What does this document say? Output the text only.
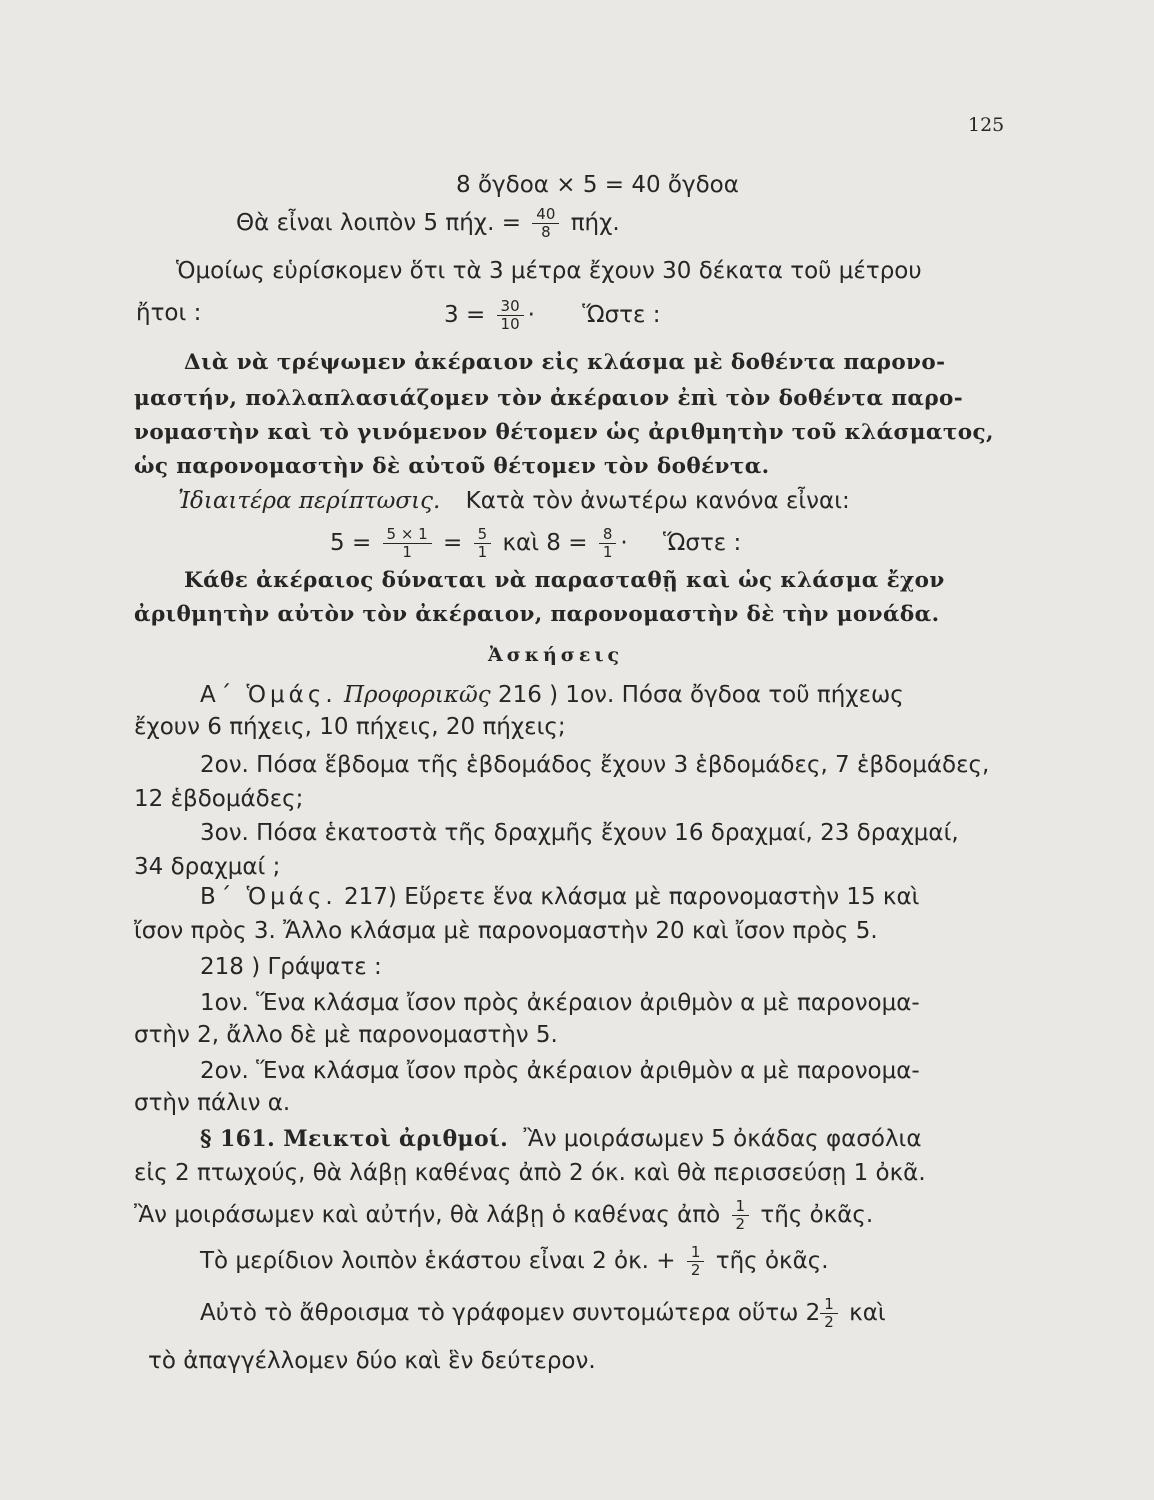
125
8 ὄγδοα × 5 = 40 ὄγδοα
Θὰ εἶναι λοιπὸν 5 πήχ. = $\frac{40}{8} \pi ή\chi$.
Ὁμοίως εὑρίσκομεν ὅτι τὰ 3 μέτρα ἔχουν 30 δέκατα τοῦ μέτρου
ἤτοι :	$3 = \frac{30}{10}$ · Ὥστε :
Διὰ νὰ τρέψωμεν ἀκέραιον εἰς κλάσμα μὲ δοθέντα παρονο-
μαστήν, πολλαπλασιάζομεν τὸν ἀκέραιον ἐπὶ τὸν δοθέντα παρο-
νομαστὴν καὶ τὸ γινόμενον θέτομεν ὡς ἀριθμητὴν τοῦ κλάσματος,
ὡς παρονομαστὴν δὲ αὐτοῦ θέτομεν τὸν δοθέντα.
Ἰδιαιτέρα περίπτωσις. Κατὰ τὸν ἀνωτέρω κανόνα εἶναι:
$5 = \frac{5 \times 1}{1} = \frac{5}{1}$ καὶ $8 = \frac{8}{1}$ · Ὥστε :
Κάθε ἀκέραιος δύναται νὰ παρασταθῇ καὶ ὡς κλάσμα ἔχον
ἀριθμητὴν αὐτὸν τὸν ἀκέραιον, παρονομαστὴν δὲ τὴν μονάδα.
Ἀσκήσεις
Α΄ Ὁμάς. Προφορικῶς 216 ) 1ον. Πόσα ὄγδοα τοῦ πήχεως
ἔχουν 6 πήχεις, 10 πήχεις, 20 πήχεις;
2ον. Πόσα ἕβδομα τῆς ἑβδομάδος ἔχουν 3 ἑβδομάδες, 7 ἑβδομάδες,
12 ἑβδομάδες;
3ον. Πόσα ἑκατοστὰ τῆς δραχμῆς ἔχουν 16 δραχμαί, 23 δραχμαί,
34 δραχμαί ;
Β΄ Ὁμάς. 217) Εὕρετε ἕνα κλάσμα μὲ παρονομαστὴν 15 καὶ
ἴσον πρὸς 3. Ἄλλο κλάσμα μὲ παρονομαστὴν 20 καὶ ἴσον πρὸς 5.
218 ) Γράψατε :
1ον. Ἕνα κλάσμα ἴσον πρὸς ἀκέραιον ἀριθμὸν α μὲ παρονομα-
στὴν 2, ἄλλο δὲ μὲ παρονομαστὴν 5.
2ον. Ἕνα κλάσμα ἴσον πρὸς ἀκέραιον ἀριθμὸν α μὲ παρονομα-
στὴν πάλιν α.
§ 161. Μεικτοὶ ἀριθμοί. Ἂν μοιράσωμεν 5 ὀκάδας φασόλια
εἰς 2 πτωχούς, θὰ λάβῃ καθένας ἀπὸ 2 όκ. καὶ θὰ περισσεύσῃ 1 ὀκᾶ.
Ἂν μοιράσωμεν καὶ αὐτήν, θὰ λάβῃ ὁ καθένας ἀπὸ $\frac{1}{2}$ τῆς ὀκᾶς.
Τὸ μερίδιον λοιπὸν ἑκάστου εἶναι 2 ὀκ. + $\frac{1}{2}$ τῆς ὀκᾶς.
Αὐτὸ τὸ ἄθροισμα τὸ γράφομεν συντομώτερα οὕτω $2 \frac{1}{2}$ καὶ
τὸ ἀπαγγέλλομεν δύο καὶ ἓν δεύτερον.
